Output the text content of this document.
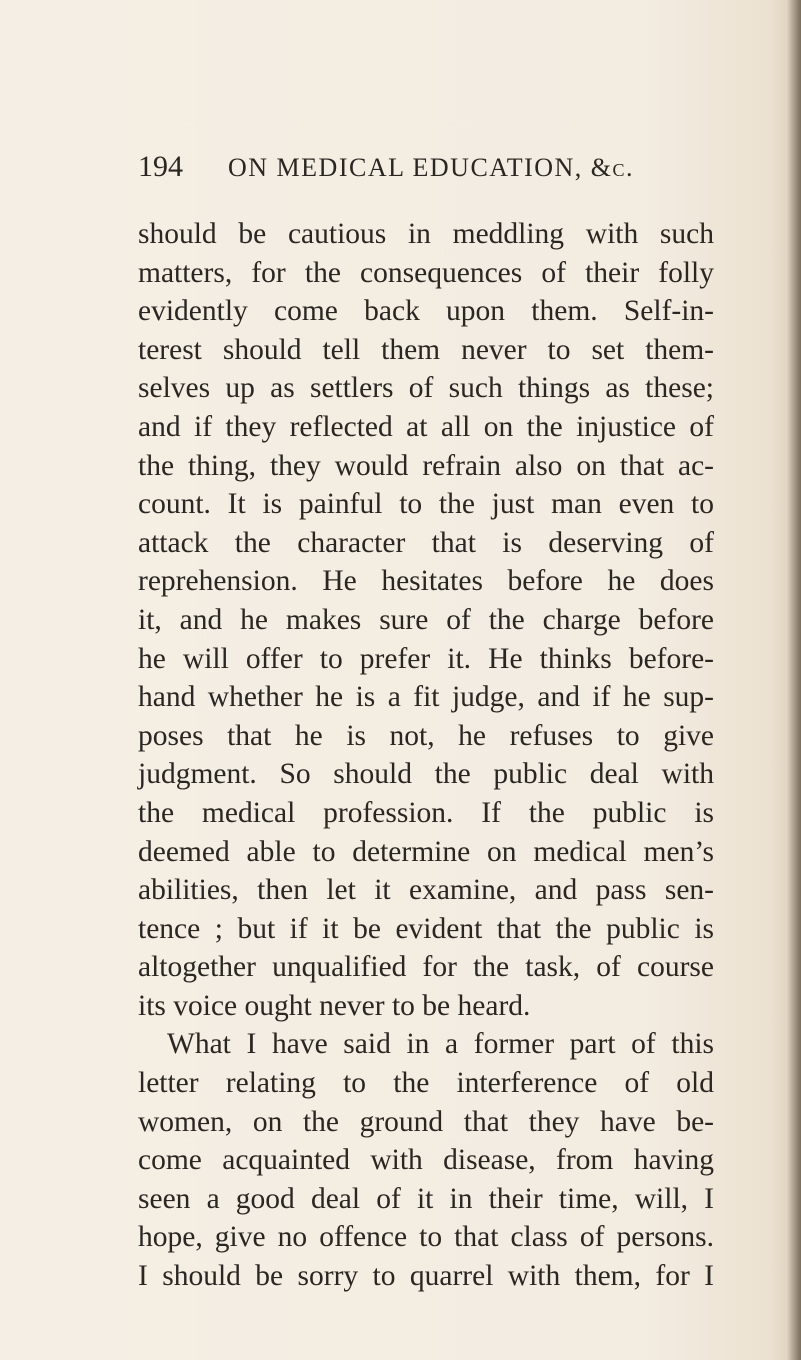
194 ON MEDICAL EDUCATION, &c.
should be cautious in meddling with such
matters, for the consequences of their folly
evidently come back upon them. Self-in-
terest should tell them never to set them-
selves up as settlers of such things as these;
and if they reflected at all on the injustice of
the thing, they would refrain also on that ac-
count. It is painful to the just man even to
attack the character that is deserving of
reprehension. He hesitates before he does
it, and he makes sure of the charge before
he will offer to prefer it. He thinks before-
hand whether he is a fit judge, and if he sup-
poses that he is not, he refuses to give
judgment. So should the public deal with
the medical profession. If the public is
deemed able to determine on medical men’s
abilities, then let it examine, and pass sen-
tence ; but if it be evident that the public is
altogether unqualified for the task, of course
its voice ought never to be heard.
What I have said in a former part of this
letter relating to the interference of old
women, on the ground that they have be-
come acquainted with disease, from having
seen a good deal of it in their time, will, I
hope, give no offence to that class of persons.
I should be sorry to quarrel with them, for I
